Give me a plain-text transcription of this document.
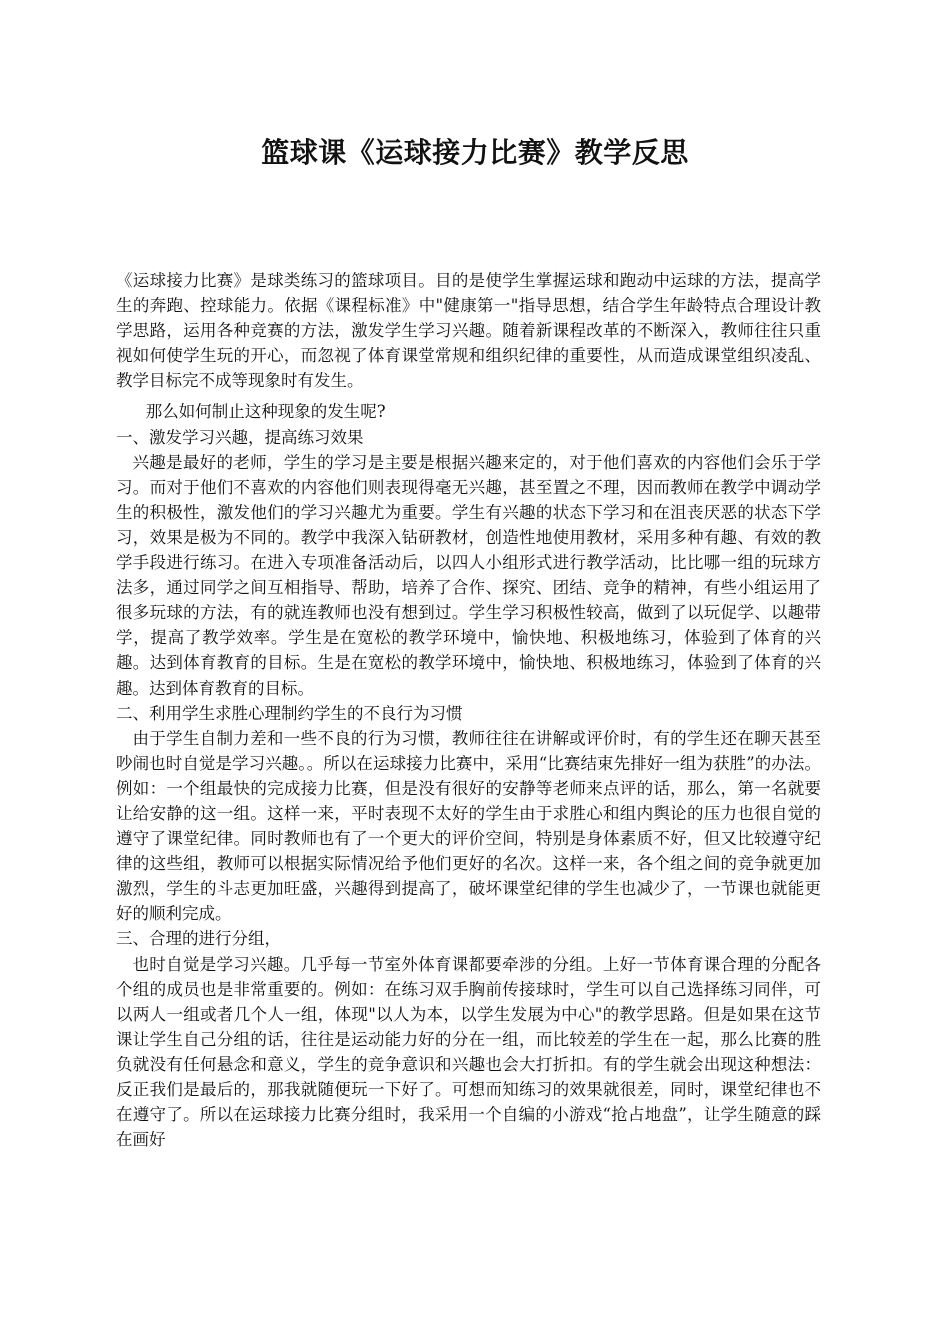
篮球课《运球接力比赛》教学反思

《运球接力比赛》是球类练习的篮球项目。目的是使学生掌握运球和跑动中运球的方法，提高学生的奔跑、控球能力。依据《课程标准》中"健康第一"指导思想，结合学生年龄特点合理设计教学思路，运用各种竞赛的方法，激发学生学习兴趣。随着新课程改革的不断深入，教师往往只重视如何使学生玩的开心，而忽视了体育课堂常规和组织纪律的重要性，从而造成课堂组织凌乱、教学目标完不成等现象时有发生。

那么如何制止这种现象的发生呢?

一、激发学习兴趣，提高练习效果

兴趣是最好的老师，学生的学习是主要是根据兴趣来定的，对于他们喜欢的内容他们会乐于学习。而对于他们不喜欢的内容他们则表现得毫无兴趣，甚至置之不理，因而教师在教学中调动学生的积极性，激发他们的学习兴趣尤为重要。学生有兴趣的状态下学习和在沮丧厌恶的状态下学习，效果是极为不同的。教学中我深入钻研教材，创造性地使用教材，采用多种有趣、有效的教学手段进行练习。在进入专项准备活动后，以四人小组形式进行教学活动，比比哪一组的玩球方法多，通过同学之间互相指导、帮助，培养了合作、探究、团结、竞争的精神，有些小组运用了很多玩球的方法，有的就连教师也没有想到过。学生学习积极性较高，做到了以玩促学、以趣带学，提高了教学效率。学生是在宽松的教学环境中，愉快地、积极地练习，体验到了体育的兴趣。达到体育教育的目标。生是在宽松的教学环境中，愉快地、积极地练习，体验到了体育的兴趣。达到体育教育的目标。

二、利用学生求胜心理制约学生的不良行为习惯

由于学生自制力差和一些不良的行为习惯，教师往往在讲解或评价时，有的学生还在聊天甚至吵闹也时自觉是学习兴趣。。所以在运球接力比赛中，采用“比赛结束先排好一组为获胜”的办法。例如：一个组最快的完成接力比赛，但是没有很好的安静等老师来点评的话，那么，第一名就要让给安静的这一组。这样一来，平时表现不太好的学生由于求胜心和组内舆论的压力也很自觉的遵守了课堂纪律。同时教师也有了一个更大的评价空间，特别是身体素质不好，但又比较遵守纪律的这些组，教师可以根据实际情况给予他们更好的名次。这样一来，各个组之间的竞争就更加激烈，学生的斗志更加旺盛，兴趣得到提高了，破坏课堂纪律的学生也减少了，一节课也就能更好的顺利完成。

三、合理的进行分组，

也时自觉是学习兴趣。几乎每一节室外体育课都要牵涉的分组。上好一节体育课合理的分配各个组的成员也是非常重要的。例如：在练习双手胸前传接球时，学生可以自己选择练习同伴，可以两人一组或者几个人一组，体现"以人为本，以学生发展为中心"的教学思路。但是如果在这节课让学生自己分组的话，往往是运动能力好的分在一组，而比较差的学生在一起，那么比赛的胜负就没有任何悬念和意义，学生的竞争意识和兴趣也会大打折扣。有的学生就会出现这种想法：反正我们是最后的，那我就随便玩一下好了。可想而知练习的效果就很差，同时，课堂纪律也不在遵守了。所以在运球接力比赛分组时，我采用一个自编的小游戏“抢占地盘”，让学生随意的踩在画好
